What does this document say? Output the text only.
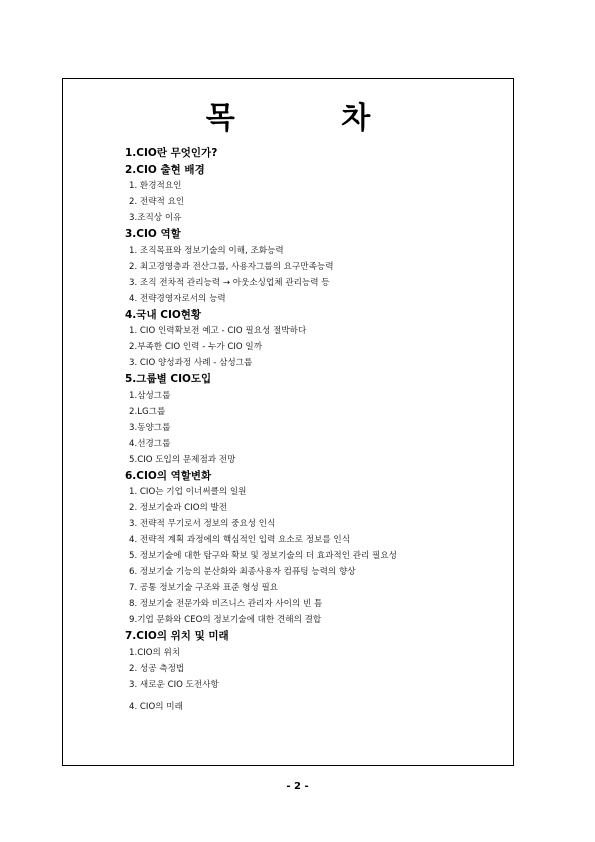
목 차
1.CIO란 무엇인가?
2.CIO 출현 배경
1. 환경적요인
2. 전략적 요인
3.조직상 이유
3.CIO 역할
1. 조직목표와 정보기술의 이해, 조화능력
2. 최고경영층과 전산그룹, 사용자그룹의 요구만족능력
3. 조직 전차적 관리능력 → 아웃소싱업체 관리능력 등
4. 전략경영자로서의 능력
4.국내 CIO현황
1. CIO 인력확보전 예고 - CIO 필요성 절박하다
2.부족한 CIO 인력 - 누가 CIO 일까
3. CIO 양성과정 사례 - 삼성그룹
5.그룹별 CIO도입
1.삼성그룹
2.LG그룹
3.동양그룹
4.선경그룹
5.CIO 도입의 문제점과 전망
6.CIO의 역할변화
1. CIO는 기업 이너써클의 일원
2. 정보기술과 CIO의 발전
3. 전략적 무기로서 정보의 중요성 인식
4. 전략적 계획 과정에의 핵심적인 입력 요소로 정보를 인식
5. 정보기술에 대한 탐구와 확보 및 정보기술의 더 효과적인 관리 필요성
6. 정보기술 기능의 분산화와 최종사용자 컴퓨팅 능력의 향상
7. 공통 정보기술 구조와 표준 형성 필요
8. 정보기술 전문가와 비즈니스 관리자 사이의 빈 틈
9.기업 문화와 CEO의 정보기술에 대한 견해의 결합
7.CIO의 위치 및 미래
1.CIO의 위치
2. 성공 측정법
3. 새로운 CIO 도전사항
4. CIO의 미래
- 2 -
